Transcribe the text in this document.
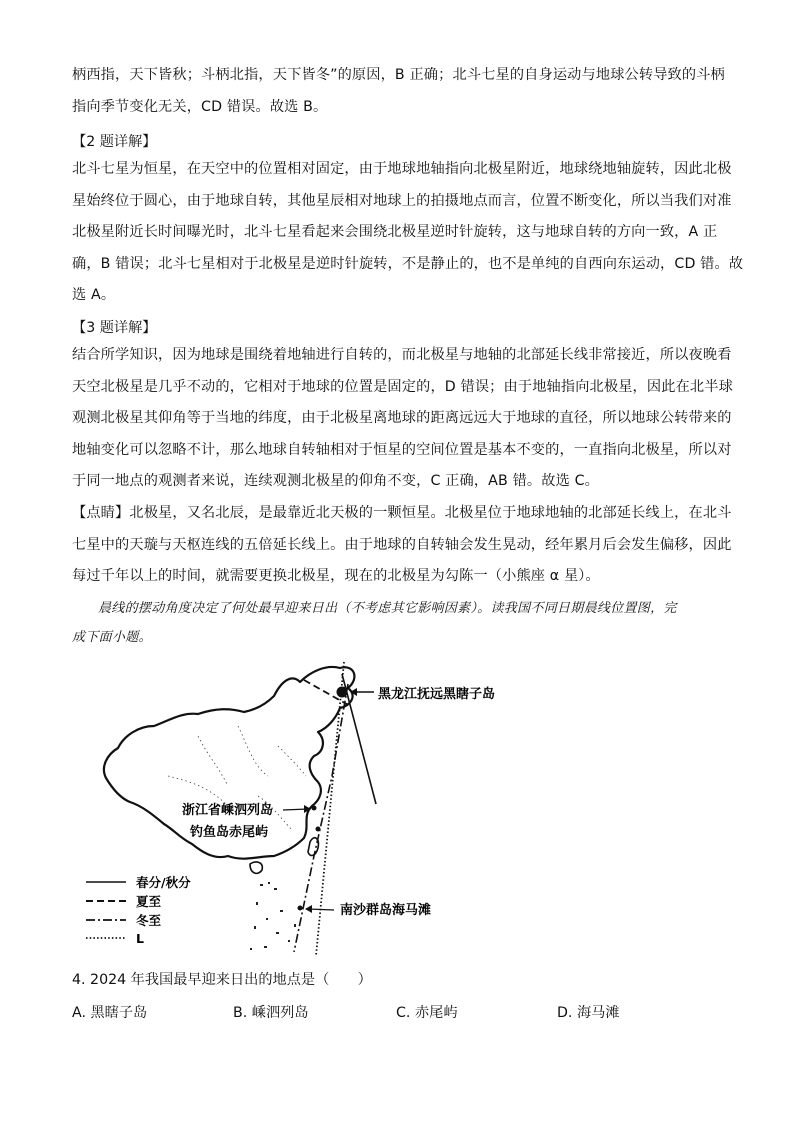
柄西指，天下皆秋；斗柄北指，天下皆冬”的原因，B 正确；北斗七星的自身运动与地球公转导致的斗柄
指向季节变化无关，CD 错误。故选 B。
【2 题详解】
北斗七星为恒星，在天空中的位置相对固定，由于地球地轴指向北极星附近，地球绕地轴旋转，因此北极
星始终位于圆心，由于地球自转，其他星辰相对地球上的拍摄地点而言，位置不断变化，所以当我们对准
北极星附近长时间曝光时，北斗七星看起来会围绕北极星逆时针旋转，这与地球自转的方向一致，A 正
确，B 错误；北斗七星相对于北极星是逆时针旋转，不是静止的，也不是单纯的自西向东运动，CD 错。故
选 A。
【3 题详解】
结合所学知识，因为地球是围绕着地轴进行自转的，而北极星与地轴的北部延长线非常接近，所以夜晚看
天空北极星是几乎不动的，它相对于地球的位置是固定的，D 错误；由于地轴指向北极星，因此在北半球
观测北极星其仰角等于当地的纬度，由于北极星离地球的距离远远大于地球的直径，所以地球公转带来的
地轴变化可以忽略不计，那么地球自转轴相对于恒星的空间位置是基本不变的，一直指向北极星，所以对
于同一地点的观测者来说，连续观测北极星的仰角不变，C 正确，AB 错。故选 C。
【点睛】北极星，又名北辰，是最靠近北天极的一颗恒星。北极星位于地球地轴的北部延长线上，在北斗
七星中的天璇与天枢连线的五倍延长线上。由于地球的自转轴会发生晃动，经年累月后会发生偏移，因此
每过千年以上的时间，就需要更换北极星，现在的北极星为勾陈一（小熊座 α 星）。
晨线的摆动角度决定了何处最早迎来日出（不考虑其它影响因素）。读我国不同日期晨线位置图，完
成下面小题。
黑龙江抚远黑瞎子岛
浙江省嵊泗列岛
钓鱼岛赤尾屿
南沙群岛海马滩
春分/秋分
夏至
冬至
L
4. 2024 年我国最早迎来日出的地点是（　　）
A. 黑瞎子岛	B. 嵊泗列岛	C. 赤尾屿	D. 海马滩
